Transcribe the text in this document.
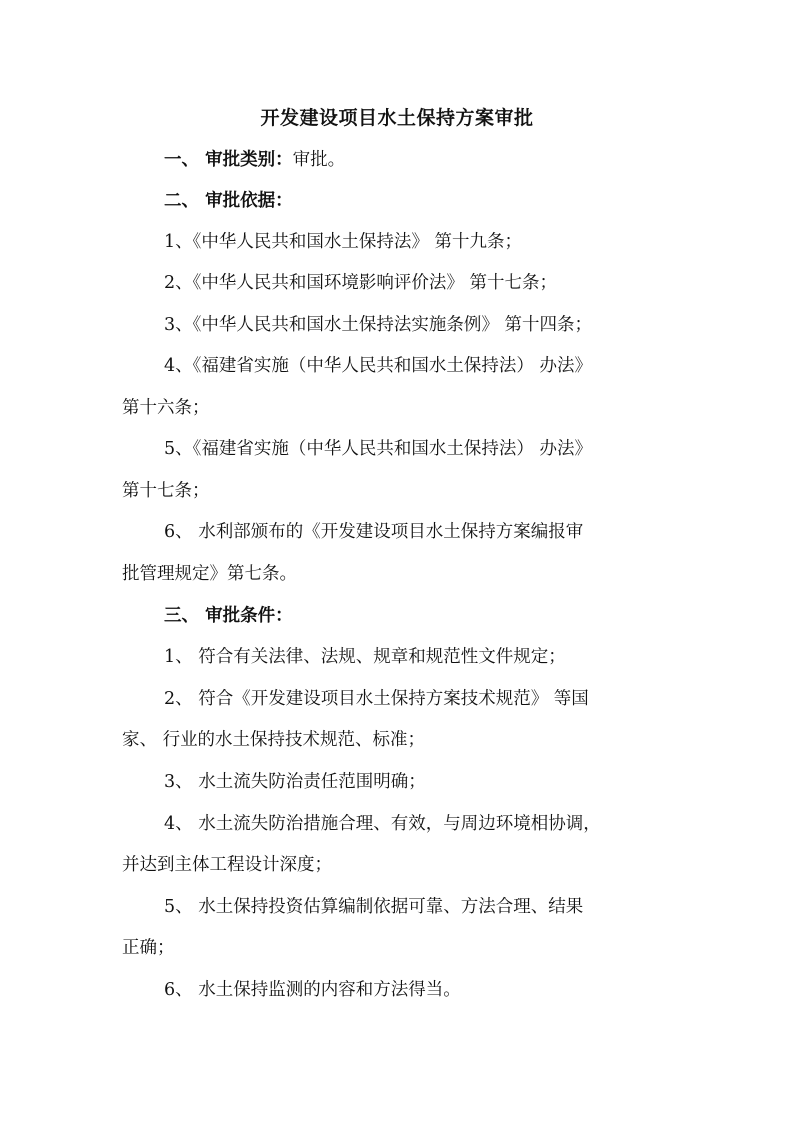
开发建设项目水土保持方案审批
一、 审批类别：审批。
二、 审批依据：
1、《中华人民共和国水土保持法》 第十九条；
2、《中华人民共和国环境影响评价法》 第十七条；
3、《中华人民共和国水土保持法实施条例》 第十四条；
4、《福建省实施（中华人民共和国水土保持法） 办法》
第十六条；
5、《福建省实施（中华人民共和国水土保持法） 办法》
第十七条；
6、 水利部颁布的《开发建设项目水土保持方案编报审
批管理规定》第七条。
三、 审批条件：
1、 符合有关法律、法规、规章和规范性文件规定；
2、 符合《开发建设项目水土保持方案技术规范》 等国
家、 行业的水土保持技术规范、标准；
3、 水土流失防治责任范围明确；
4、 水土流失防治措施合理、有效，与周边环境相协调，
并达到主体工程设计深度；
5、 水土保持投资估算编制依据可靠、方法合理、结果
正确；
6、 水土保持监测的内容和方法得当。
